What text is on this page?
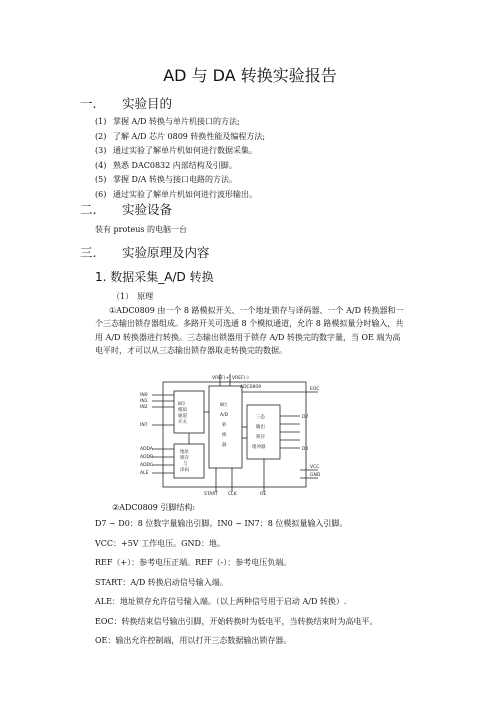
AD 与 DA 转换实验报告
一. 实验目的
(1) 掌握 A/D 转换与单片机接口的方法;
(2) 了解 A/D 芯片 0809 转换性能及编程方法;
(3) 通过实验了解单片机如何进行数据采集。
(4) 熟悉 DAC0832 内部结构及引脚。
(5) 掌握 D/A 转换与接口电路的方法。
(6) 通过实验了解单片机如何进行波形输出。
二. 实验设备
装有 proteus 的电脑一台
三. 实验原理及内容
1. 数据采集_A/D 转换
（1）　原理
①ADC0809 由一个 8 路模拟开关、一个地址锁存与译码器、一个 A/D 转换器和一个三态输出锁存器组成。多路开关可选通 8 个模拟通道，允许 8 路模拟量分时输入，共用 A/D 转换器进行转换。三态输出锁器用于锁存 A/D 转换完的数字量，当 OE 端为高电平时，才可以从三态输出锁存器取走转换完的数据。
ADC0809
VREF(+) VREF(-)
IN0
IN1
IN2
IN7
8位
模拟
通道
开关
ADDA
ADDB
ADDC
ALE
地址
锁存
与
译码
8位
A/D
转
换
器
三态
输出
锁存
缓冲器
EOC
D7
D0
VCC
GND
START CLK	OE
②ADC0809 引脚结构:
D7 ~ D0：8 位数字量输出引脚。IN0 ~ IN7：8 位模拟量输入引脚。
VCC：+5V 工作电压。GND：地。
REF（+）：参考电压正端。REF（-）：参考电压负端。
START：A/D 转换启动信号输入端。
ALE：地址锁存允许信号输入端。（以上两种信号用于启动 A/D 转换）.
EOC：转换结束信号输出引脚，开始转换时为低电平，当转换结束时为高电平。
OE：输出允许控制端，用以打开三态数据输出锁存器。
